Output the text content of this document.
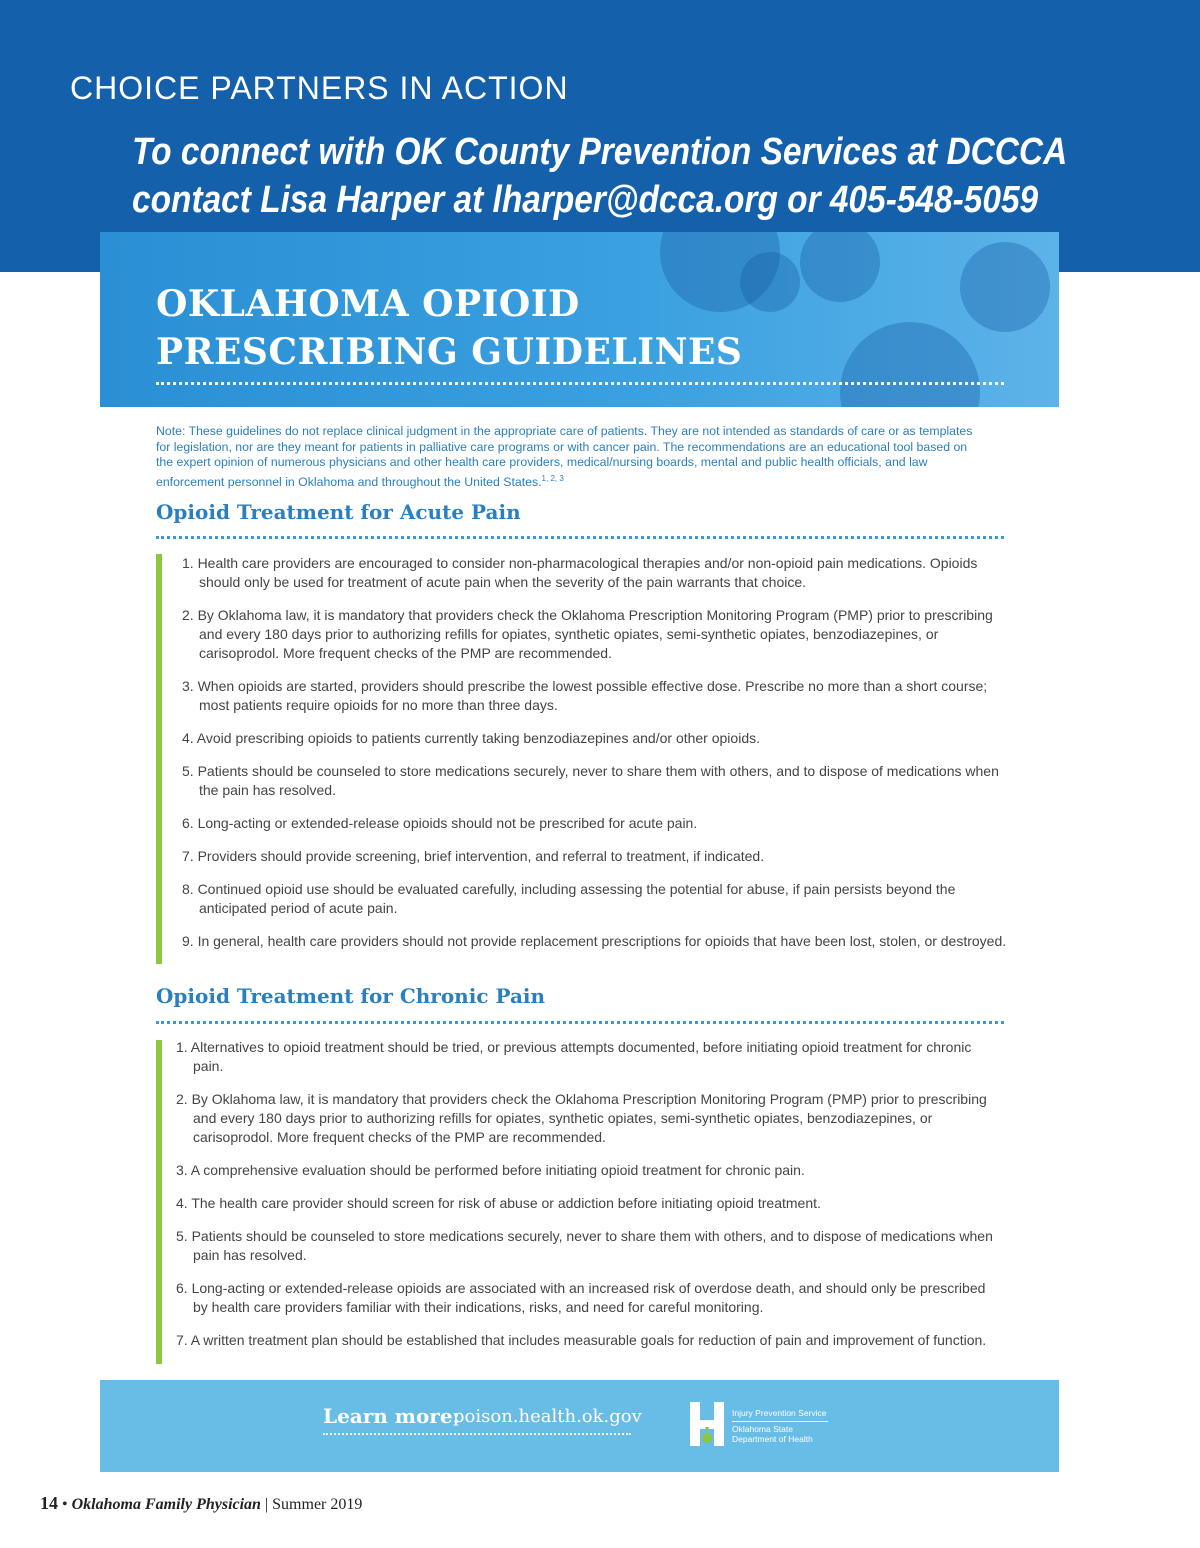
CHOICE PARTNERS IN ACTION
To connect with OK County Prevention Services at DCCCA
contact Lisa Harper at lharper@dcca.org or 405-548-5059
OKLAHOMA OPIOID
PRESCRIBING GUIDELINES
Note: These guidelines do not replace clinical judgment in the appropriate care of patients. They are not intended as standards of care or as templates for legislation, nor are they meant for patients in palliative care programs or with cancer pain. The recommendations are an educational tool based on the expert opinion of numerous physicians and other health care providers, medical/nursing boards, mental and public health officials, and law enforcement personnel in Oklahoma and throughout the United States.$^{1, 2, 3}$
Opioid Treatment for Acute Pain
1. Health care providers are encouraged to consider non-pharmacological therapies and/or non-opioid pain medications. Opioids should only be used for treatment of acute pain when the severity of the pain warrants that choice.
2. By Oklahoma law, it is mandatory that providers check the Oklahoma Prescription Monitoring Program (PMP) prior to prescribing and every 180 days prior to authorizing refills for opiates, synthetic opiates, semi-synthetic opiates, benzodiazepines, or carisoprodol. More frequent checks of the PMP are recommended.
3. When opioids are started, providers should prescribe the lowest possible effective dose. Prescribe no more than a short course; most patients require opioids for no more than three days.
4. Avoid prescribing opioids to patients currently taking benzodiazepines and/or other opioids.
5. Patients should be counseled to store medications securely, never to share them with others, and to dispose of medications when the pain has resolved.
6. Long-acting or extended-release opioids should not be prescribed for acute pain.
7. Providers should provide screening, brief intervention, and referral to treatment, if indicated.
8. Continued opioid use should be evaluated carefully, including assessing the potential for abuse, if pain persists beyond the anticipated period of acute pain.
9. In general, health care providers should not provide replacement prescriptions for opioids that have been lost, stolen, or destroyed.
Opioid Treatment for Chronic Pain
1. Alternatives to opioid treatment should be tried, or previous attempts documented, before initiating opioid treatment for chronic pain.
2. By Oklahoma law, it is mandatory that providers check the Oklahoma Prescription Monitoring Program (PMP) prior to prescribing and every 180 days prior to authorizing refills for opiates, synthetic opiates, semi-synthetic opiates, benzodiazepines, or carisoprodol. More frequent checks of the PMP are recommended.
3. A comprehensive evaluation should be performed before initiating opioid treatment for chronic pain.
4. The health care provider should screen for risk of abuse or addiction before initiating opioid treatment.
5. Patients should be counseled to store medications securely, never to share them with others, and to dispose of medications when pain has resolved.
6. Long-acting or extended-release opioids are associated with an increased risk of overdose death, and should only be prescribed by health care providers familiar with their indications, risks, and need for careful monitoring.
7. A written treatment plan should be established that includes measurable goals for reduction of pain and improvement of function.
Learn more:
poison.health.ok.gov	Injury Prevention Service
Oklahoma State
Department of Health
14 • Oklahoma Family Physician | Summer 2019
